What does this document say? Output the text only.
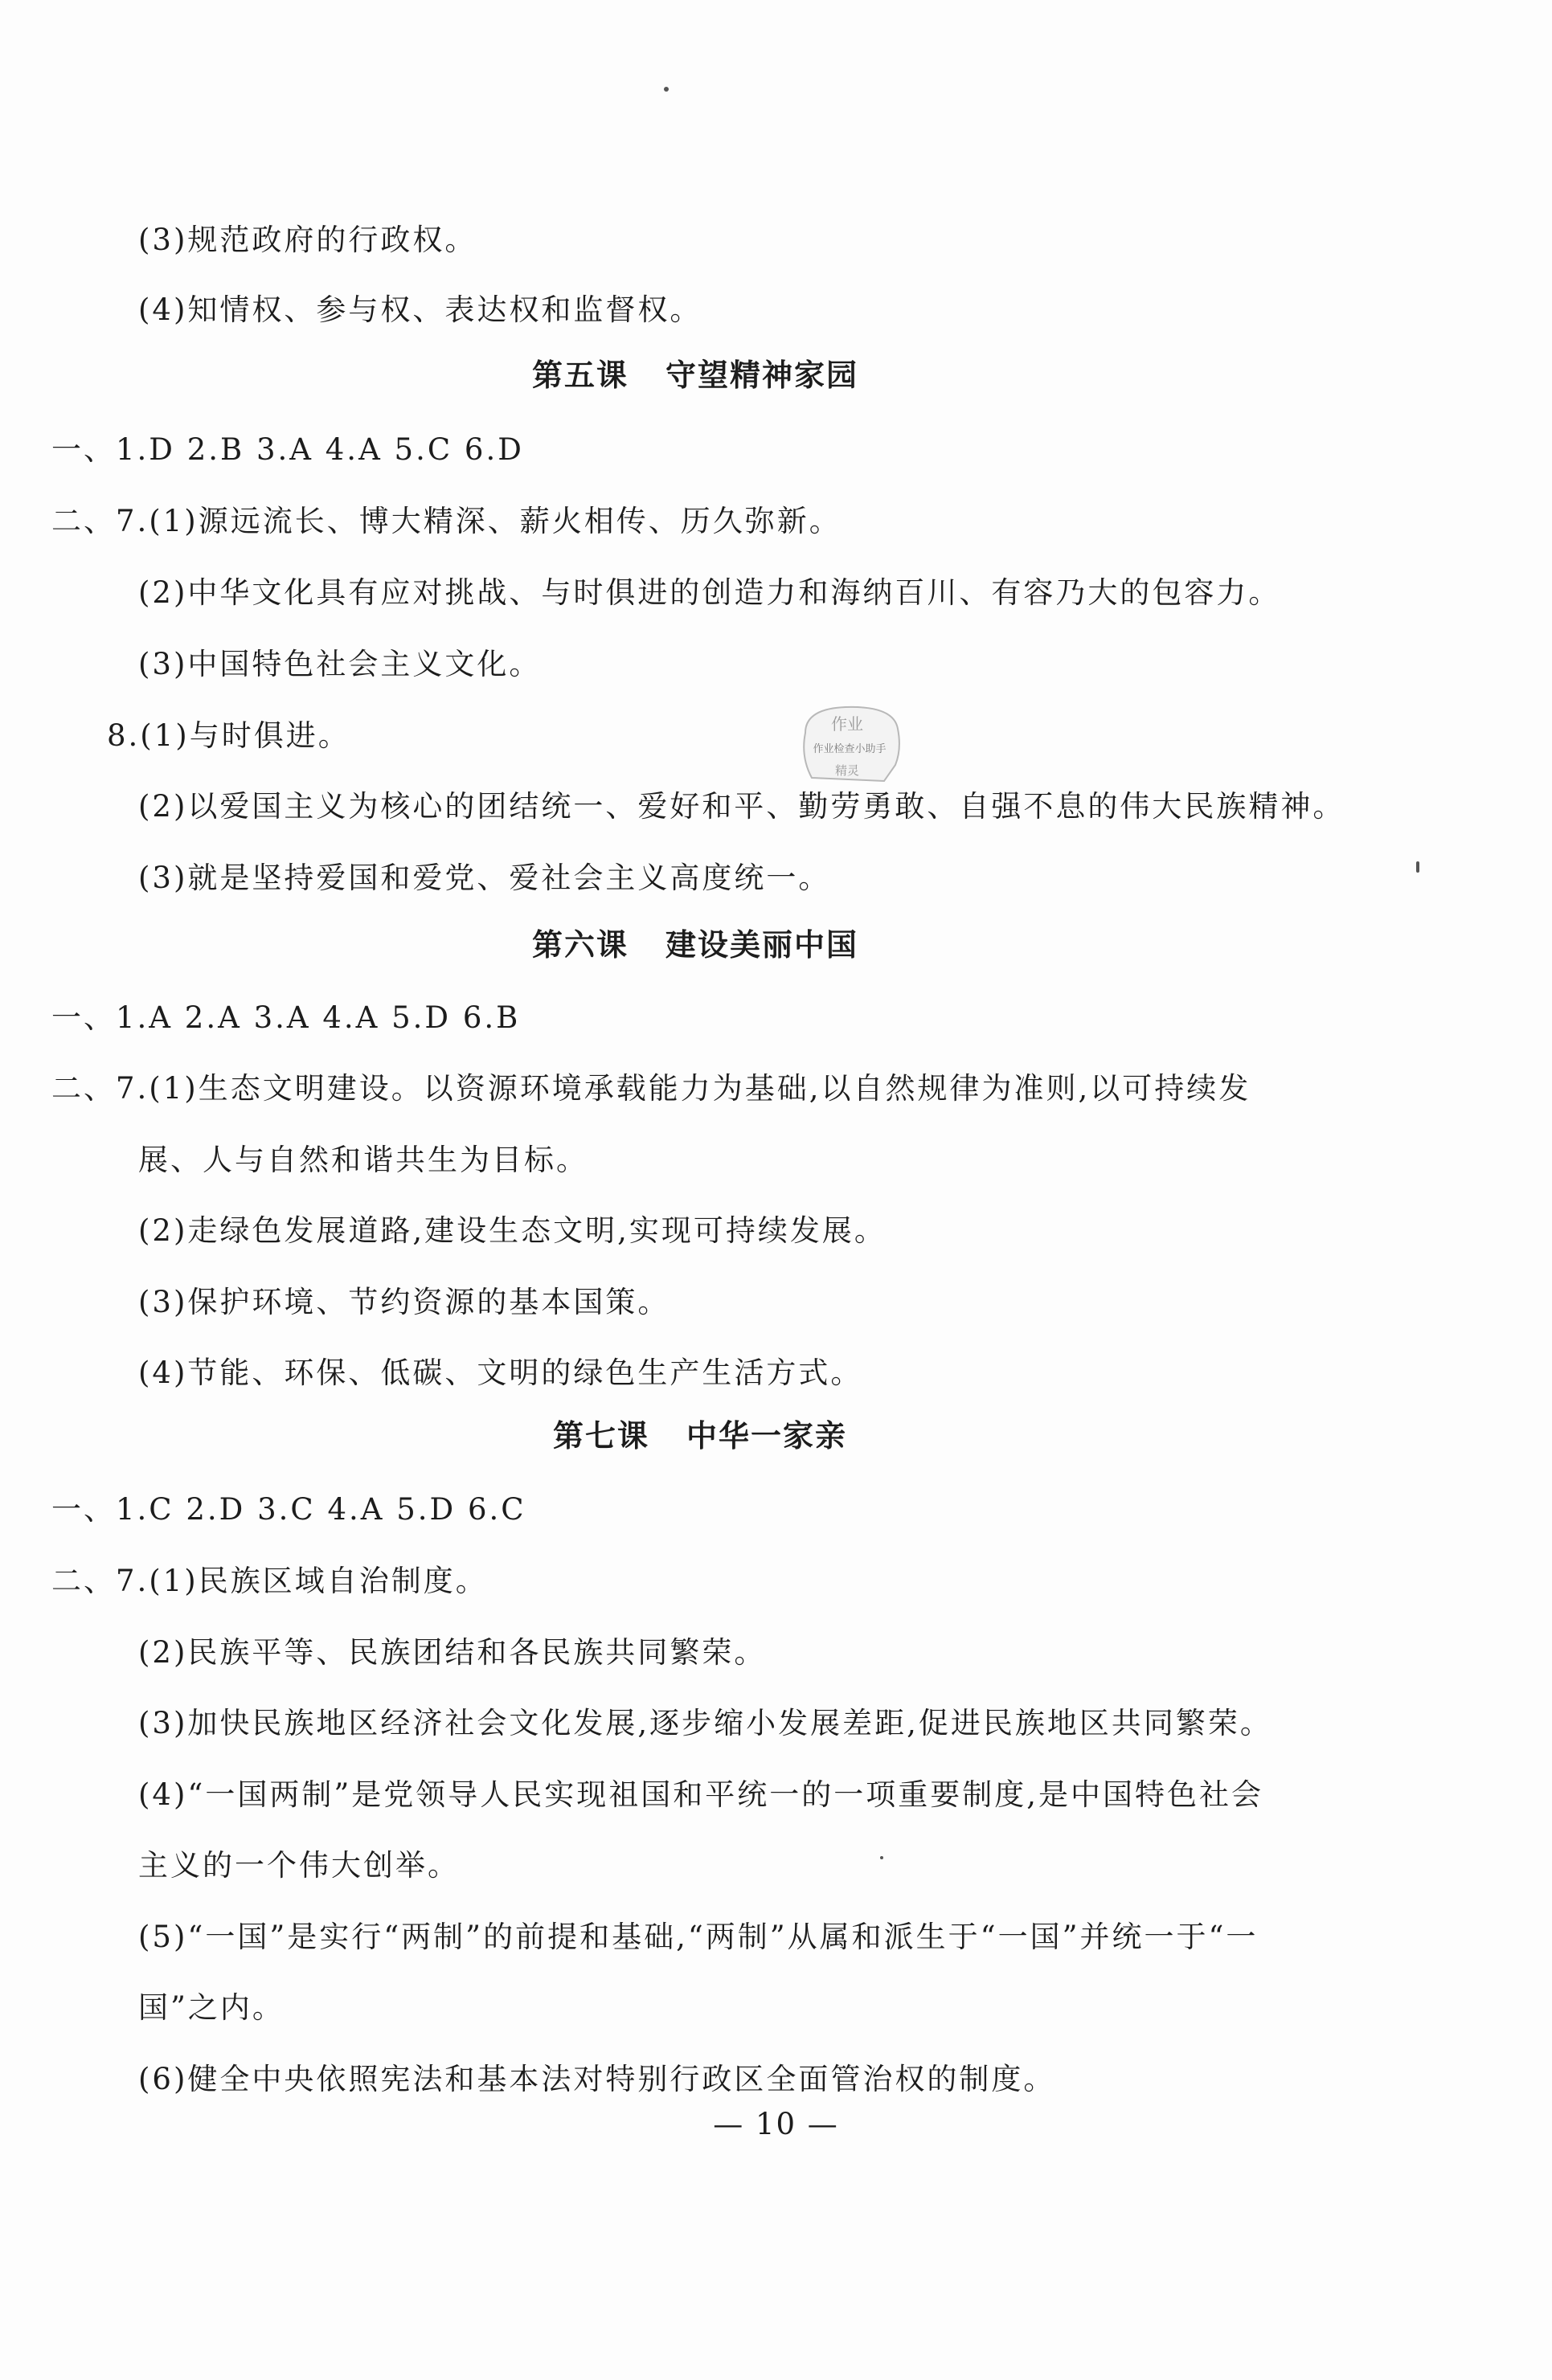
(3)规范政府的行政权。
(4)知情权、参与权、表达权和监督权。
第五课 守望精神家园
一、1.D 2.B 3.A 4.A 5.C 6.D
二、7.(1)源远流长、博大精深、薪火相传、历久弥新。
(2)中华文化具有应对挑战、与时俱进的创造力和海纳百川、有容乃大的包容力。
(3)中国特色社会主义文化。
8.(1)与时俱进。
(2)以爱国主义为核心的团结统一、爱好和平、勤劳勇敢、自强不息的伟大民族精神。
(3)就是坚持爱国和爱党、爱社会主义高度统一。
第六课 建设美丽中国
一、1.A 2.A 3.A 4.A 5.D 6.B
二、7.(1)生态文明建设。以资源环境承载能力为基础,以自然规律为准则,以可持续发
展、人与自然和谐共生为目标。
(2)走绿色发展道路,建设生态文明,实现可持续发展。
(3)保护环境、节约资源的基本国策。
(4)节能、环保、低碳、文明的绿色生产生活方式。
第七课 中华一家亲
一、1.C 2.D 3.C 4.A 5.D 6.C
二、7.(1)民族区域自治制度。
(2)民族平等、民族团结和各民族共同繁荣。
(3)加快民族地区经济社会文化发展,逐步缩小发展差距,促进民族地区共同繁荣。
(4)“一国两制”是党领导人民实现祖国和平统一的一项重要制度,是中国特色社会
主义的一个伟大创举。
(5)“一国”是实行“两制”的前提和基础,“两制”从属和派生于“一国”并统一于“一
国”之内。
(6)健全中央依照宪法和基本法对特别行政区全面管治权的制度。
— 10 —
作业
作业检查小助手
精灵
